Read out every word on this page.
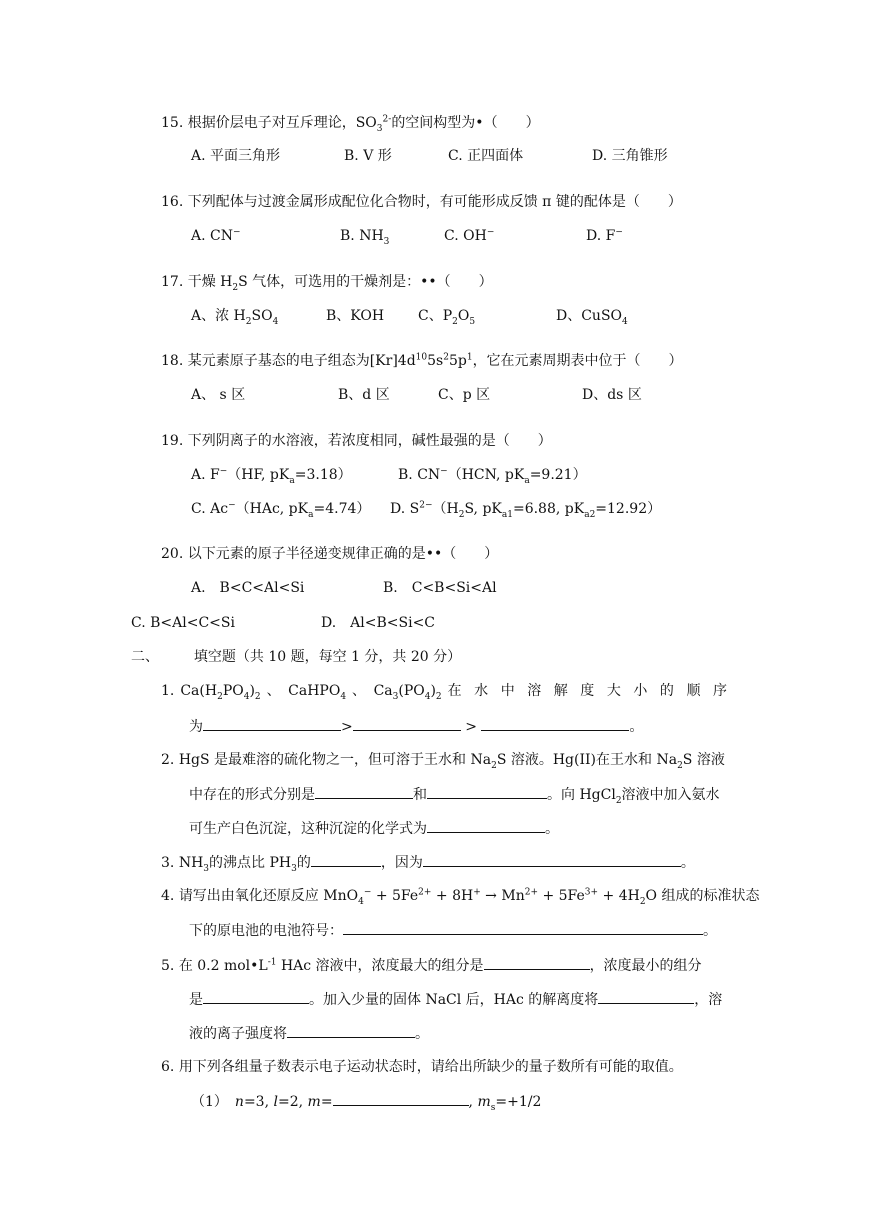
15. 根据价层电子对互斥理论，$SO_3^{2-}$的空间构型为•（　　）
A. 平面三角形	B. V 形	C. 正四面体	D. 三角锥形
16. 下列配体与过渡金属形成配位化合物时，有可能形成反馈 π 键的配体是（　　）
A. CN−	B. $NH_3$	C. OH−	D. F−
17. 干燥 $H_2S$ 气体，可选用的干燥剂是：••（　　）
A、浓 $H_2SO_4$	B、KOH C、$P_2O_5$	D、CuSO$_4$
18. 某元素原子基态的电子组态为$[Kr]4d^{10}5s^25p^1$，它在元素周期表中位于（　　）
A、 s 区	B、d 区	C、p 区	D、ds 区
19. 下列阴离子的水溶液，若浓度相同，碱性最强的是（　　）
A. F−（HF, $pK_a=3.18$）	B. CN−（HCN, $pK_a=9.21$）
C. Ac−（HAc, $pK_a=4.74$） D. $S^{2-}(H_2S$, $pK_{a1}=6.88$, $pK_{a2}=12.92$）
20. 以下元素的原子半径递变规律正确的是••（　　）
A.　B<C<Al<Si	B.　C<B<Si<Al
C. B<Al<C<Si	D.　Al<B<Si<C
二、 填空题（共 10 题，每空 1 分，共 20 分）
1. $Ca(H_2PO_4)_2$ 、 CaHPO$_4$ 、 $Ca_3(PO_4)_2$ 在水中溶解度大小的顺序
为	>	>	。
2. HgS 是最难溶的硫化物之一，但可溶于王水和 $Na_2S$ 溶液。Hg(II)在王水和 $Na_2S$ 溶液
中存在的形式分别是	和	。向 HgCl$_2$溶液中加入氨水
可生产白色沉淀，这种沉淀的化学式为	。
3. $NH_3$的沸点比 $PH_3$的	，因为	。
4. 请写出由氧化还原反应 $MnO_4^- + 5Fe^{2+} + 8H^+ \to Mn^{2+} + 5Fe^{3+} + 4H_2O$ 组成的标准状态
下的原电池的电池符号：	。
5. 在 0.2 $mol•L^{-1}$ HAc 溶液中，浓度最大的组分是	，浓度最小的组分
是	。加入少量的固体 NaCl 后，HAc 的解离度将	，溶
液的离子强度将	。
6. 用下列各组量子数表示电子运动状态时，请给出所缺少的量子数所有可能的取值。
（1）　n=3, l=2, m=	, $m_s=+1/2$
